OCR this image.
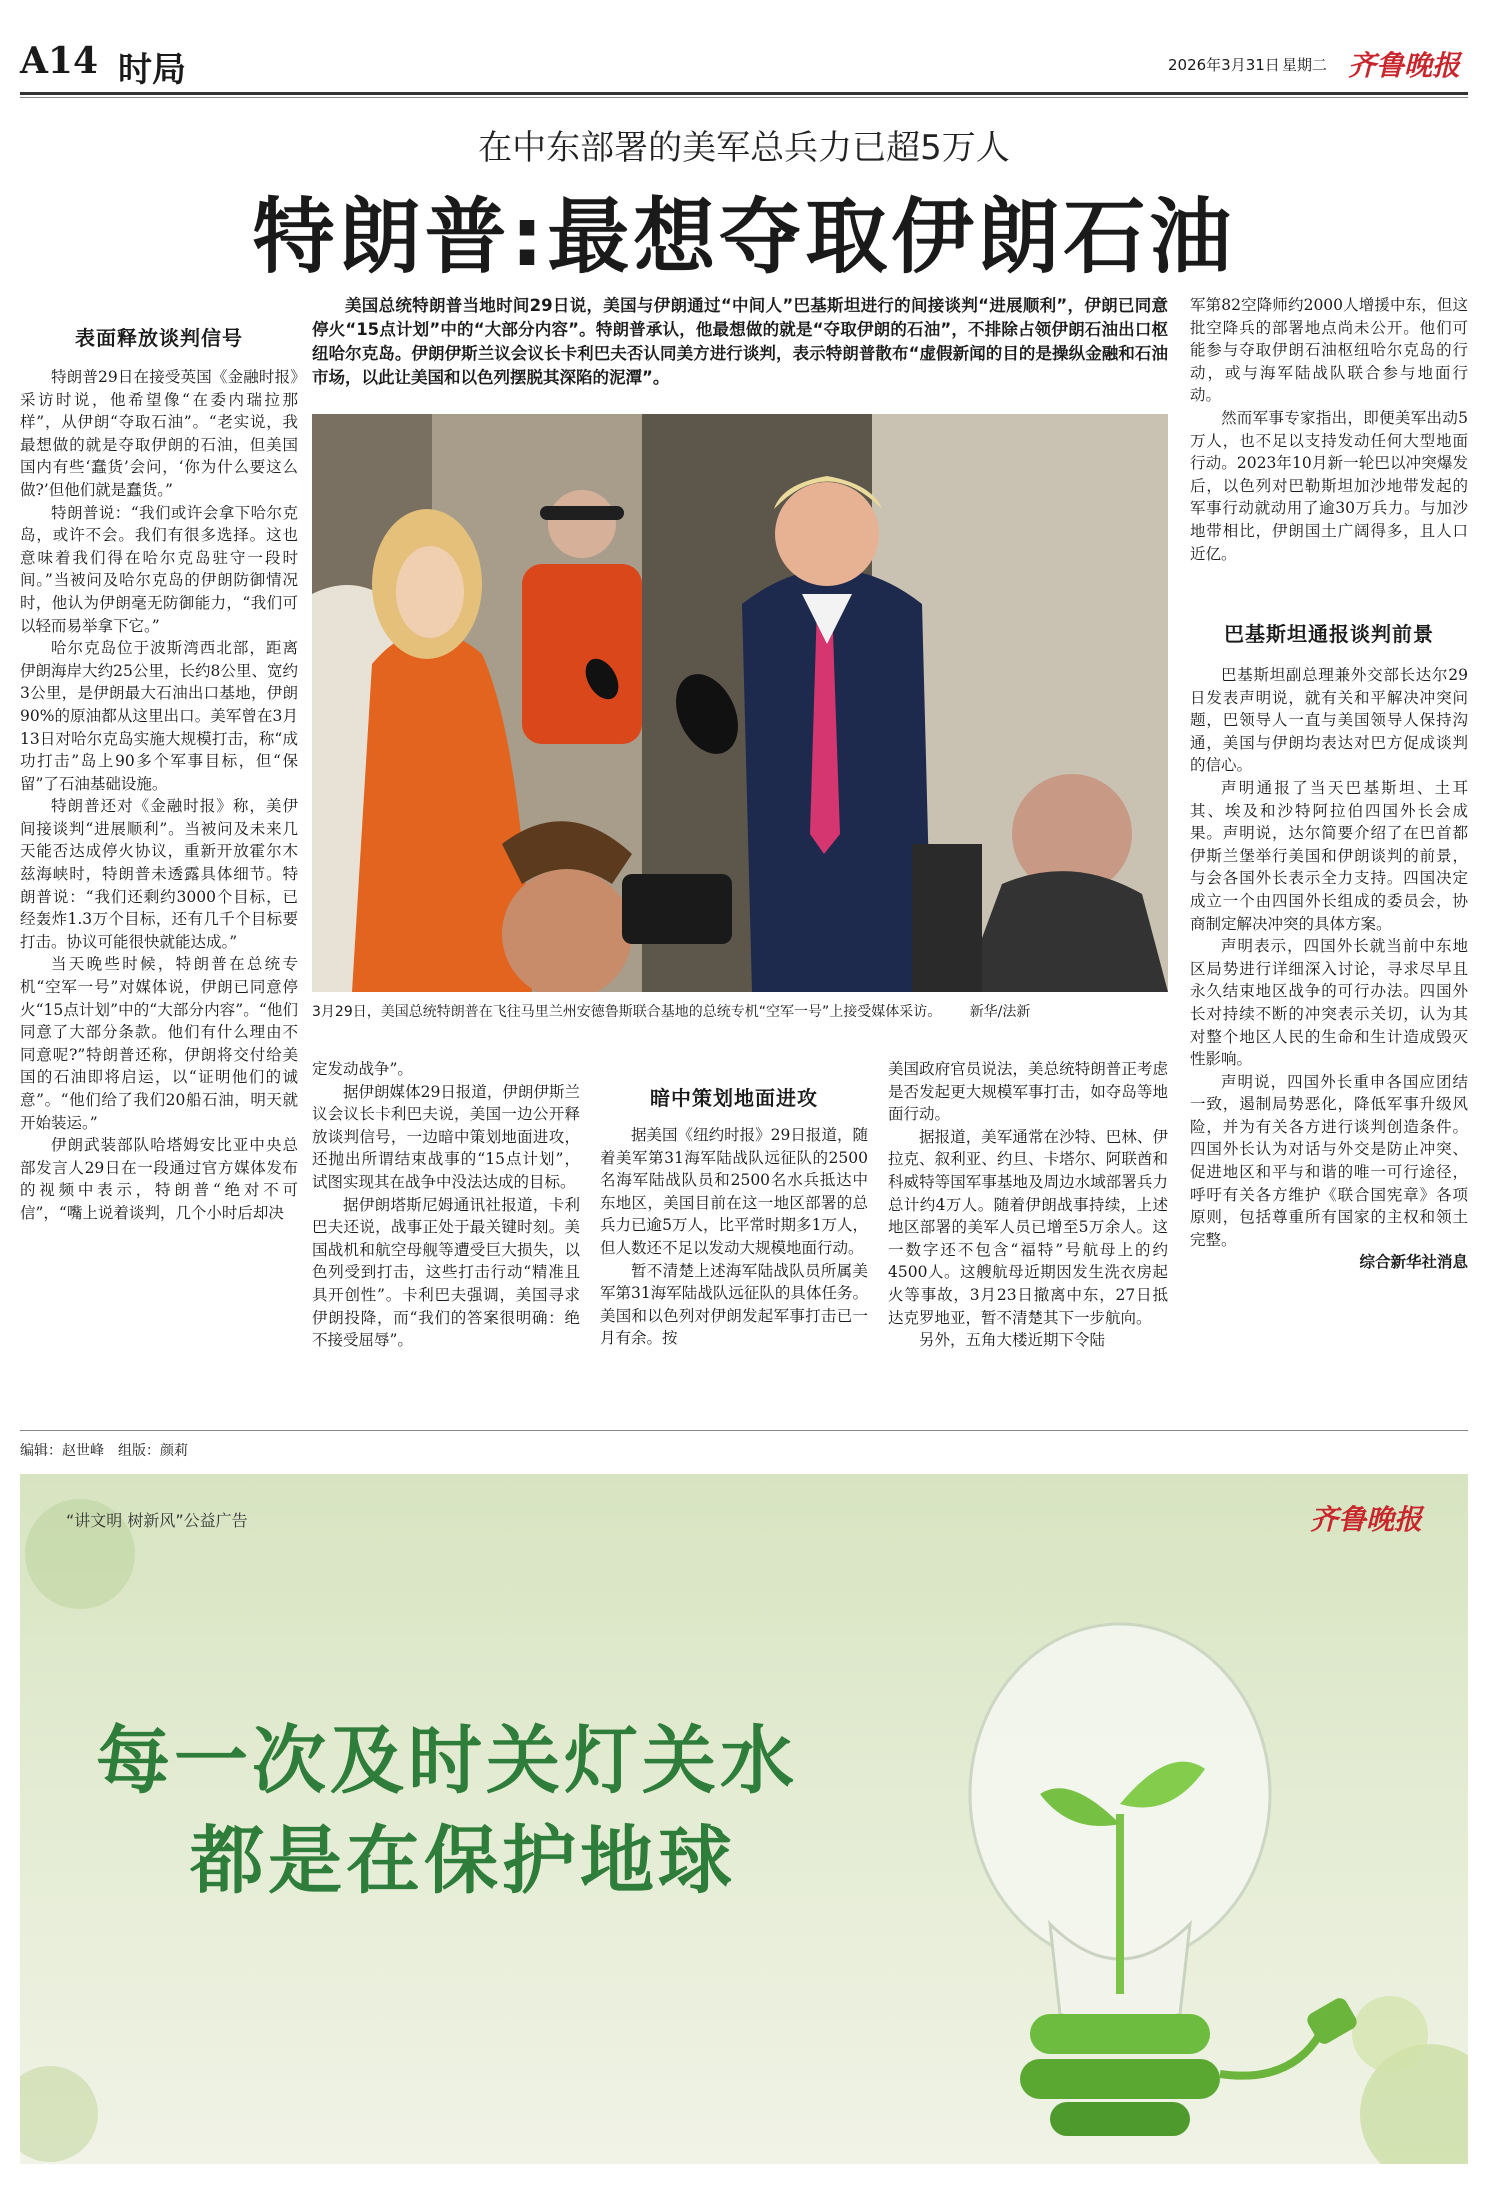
A14 时局	2026年3月31日 星期二 齐鲁晚报
在中东部署的美军总兵力已超5万人
特朗普:最想夺取伊朗石油
美国总统特朗普当地时间29日说，美国与伊朗通过“中间人”巴基斯坦进行的间接谈判“进展顺利”，伊朗已同意停火“15点计划”中的“大部分内容”。特朗普承认，他最想做的就是“夺取伊朗的石油”，不排除占领伊朗石油出口枢纽哈尔克岛。伊朗伊斯兰议会议长卡利巴夫否认同美方进行谈判，表示特朗普散布“虚假新闻的目的是操纵金融和石油市场，以此让美国和以色列摆脱其深陷的泥潭”。
3月29日，美国总统特朗普在飞往马里兰州安德鲁斯联合基地的总统专机“空军一号”上接受媒体采访。 新华/法新
表面释放谈判信号

特朗普29日在接受英国《金融时报》采访时说，他希望像“在委内瑞拉那样”，从伊朗“夺取石油”。“老实说，我最想做的就是夺取伊朗的石油，但美国国内有些‘蠢货’会问，‘你为什么要这么做?’但他们就是蠢货。”

特朗普说：“我们或许会拿下哈尔克岛，或许不会。我们有很多选择。这也意味着我们得在哈尔克岛驻守一段时间。”当被问及哈尔克岛的伊朗防御情况时，他认为伊朗毫无防御能力，“我们可以轻而易举拿下它。”

哈尔克岛位于波斯湾西北部，距离伊朗海岸大约25公里，长约8公里、宽约3公里，是伊朗最大石油出口基地，伊朗90%的原油都从这里出口。美军曾在3月13日对哈尔克岛实施大规模打击，称“成功打击”岛上90多个军事目标，但“保留”了石油基础设施。

特朗普还对《金融时报》称，美伊间接谈判“进展顺利”。当被问及未来几天能否达成停火协议，重新开放霍尔木兹海峡时，特朗普未透露具体细节。特朗普说：“我们还剩约3000个目标，已经轰炸1.3万个目标，还有几千个目标要打击。协议可能很快就能达成。”

当天晚些时候，特朗普在总统专机“空军一号”对媒体说，伊朗已同意停火“15点计划”中的“大部分内容”。“他们同意了大部分条款。他们有什么理由不同意呢?”特朗普还称，伊朗将交付给美国的石油即将启运，以“证明他们的诚意”。“他们给了我们20船石油，明天就开始装运。”

伊朗武装部队哈塔姆安比亚中央总部发言人29日在一段通过官方媒体发布的视频中表示，特朗普“绝对不可信”，“嘴上说着谈判，几个小时后却决

定发动战争”。

据伊朗媒体29日报道，伊朗伊斯兰议会议长卡利巴夫说，美国一边公开释放谈判信号，一边暗中策划地面进攻，还抛出所谓结束战事的“15点计划”，试图实现其在战争中没法达成的目标。

据伊朗塔斯尼姆通讯社报道，卡利巴夫还说，战事正处于最关键时刻。美国战机和航空母舰等遭受巨大损失，以色列受到打击，这些打击行动“精准且具开创性”。卡利巴夫强调，美国寻求伊朗投降，而“我们的答案很明确：绝不接受屈辱”。

暗中策划地面进攻

据美国《纽约时报》29日报道，随着美军第31海军陆战队远征队的2500名海军陆战队员和2500名水兵抵达中东地区，美国目前在这一地区部署的总兵力已逾5万人，比平常时期多1万人，但人数还不足以发动大规模地面行动。

暂不清楚上述海军陆战队员所属美军第31海军陆战队远征队的具体任务。美国和以色列对伊朗发起军事打击已一月有余。按

美国政府官员说法，美总统特朗普正考虑是否发起更大规模军事打击，如夺岛等地面行动。

据报道，美军通常在沙特、巴林、伊拉克、叙利亚、约旦、卡塔尔、阿联酋和科威特等国军事基地及周边水域部署兵力总计约4万人。随着伊朗战事持续，上述地区部署的美军人员已增至5万余人。这一数字还不包含“福特”号航母上的约4500人。这艘航母近期因发生洗衣房起火等事故，3月23日撤离中东，27日抵达克罗地亚，暂不清楚其下一步航向。

另外，五角大楼近期下令陆

军第82空降师约2000人增援中东，但这批空降兵的部署地点尚未公开。他们可能参与夺取伊朗石油枢纽哈尔克岛的行动，或与海军陆战队联合参与地面行动。

然而军事专家指出，即便美军出动5万人，也不足以支持发动任何大型地面行动。2023年10月新一轮巴以冲突爆发后，以色列对巴勒斯坦加沙地带发起的军事行动就动用了逾30万兵力。与加沙地带相比，伊朗国土广阔得多，且人口近亿。

巴基斯坦通报谈判前景

巴基斯坦副总理兼外交部长达尔29日发表声明说，就有关和平解决冲突问题，巴领导人一直与美国领导人保持沟通，美国与伊朗均表达对巴方促成谈判的信心。

声明通报了当天巴基斯坦、土耳其、埃及和沙特阿拉伯四国外长会成果。声明说，达尔简要介绍了在巴首都伊斯兰堡举行美国和伊朗谈判的前景，与会各国外长表示全力支持。四国决定成立一个由四国外长组成的委员会，协商制定解决冲突的具体方案。

声明表示，四国外长就当前中东地区局势进行详细深入讨论，寻求尽早且永久结束地区战争的可行办法。四国外长对持续不断的冲突表示关切，认为其对整个地区人民的生命和生计造成毁灭性影响。

声明说，四国外长重申各国应团结一致，遏制局势恶化，降低军事升级风险，并为有关各方进行谈判创造条件。四国外长认为对话与外交是防止冲突、促进地区和平与和谐的唯一可行途径，呼吁有关各方维护《联合国宪章》各项原则，包括尊重所有国家的主权和领土完整。

综合新华社消息

编辑：赵世峰　组版：颜莉
“讲文明 树新风”公益广告	齐鲁晚报
每一次及时关灯关水
都是在保护地球
